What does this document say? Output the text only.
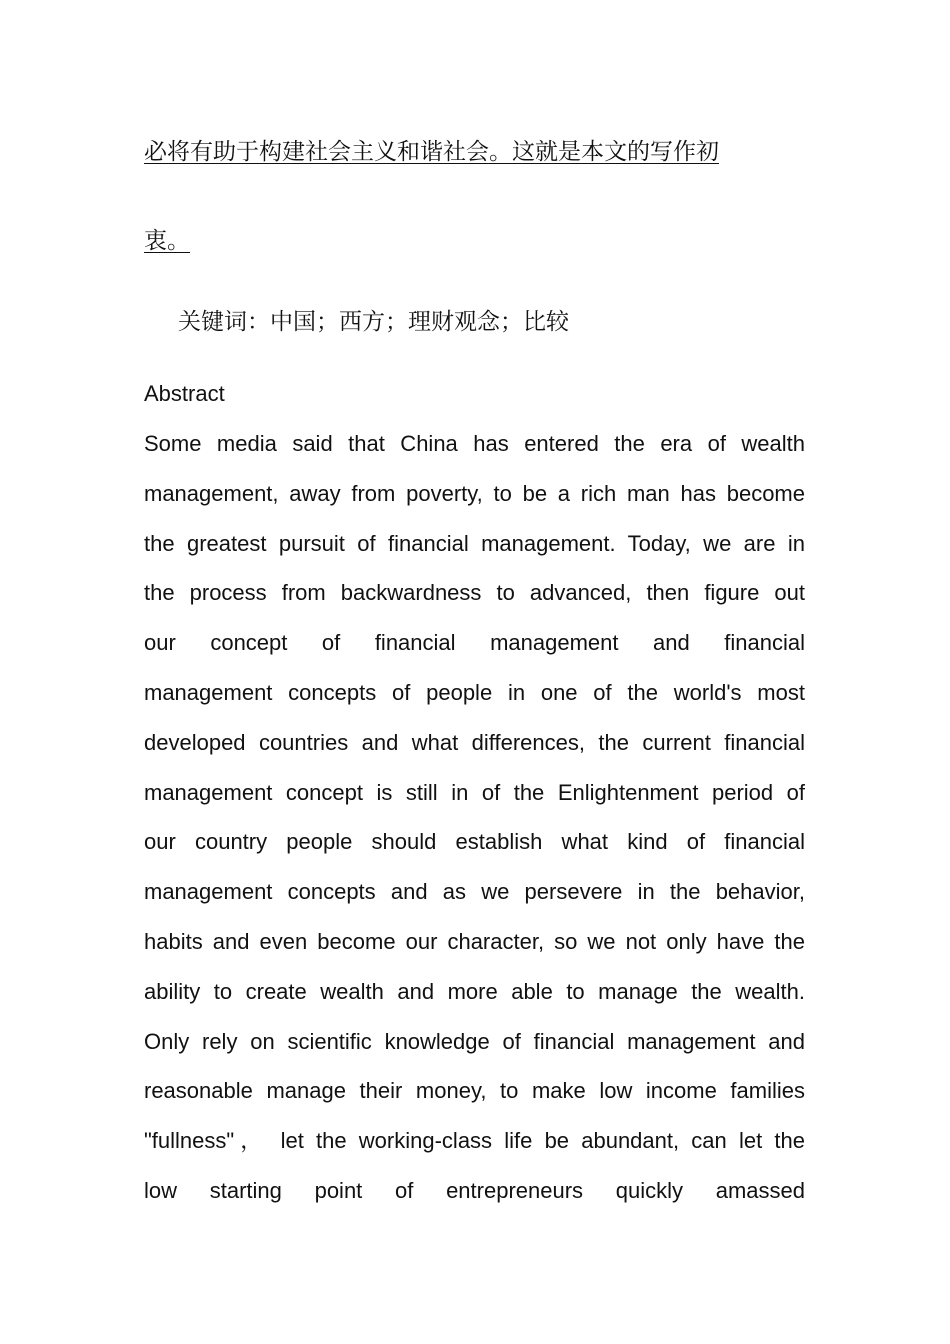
必将有助于构建社会主义和谐社会。这就是本文的写作初
衷。
关键词：中国；西方；理财观念；比较
Abstract
Some media said that China has entered the era of wealth
management, away from poverty, to be a rich man has become
the greatest pursuit of financial management. Today, we are in
the process from backwardness to advanced, then figure out
our concept of financial management and financial
management concepts of people in one of the world's most
developed countries and what differences, the current financial
management concept is still in of the Enlightenment period of
our country people should establish what kind of financial
management concepts and as we persevere in the behavior,
habits and even become our character, so we not only have the
ability to create wealth and more able to manage the wealth.
Only rely on scientific knowledge of financial management and
reasonable manage their money, to make low income families
"fullness"， let the working-class life be abundant, can let the
low starting point of entrepreneurs quickly amassed
